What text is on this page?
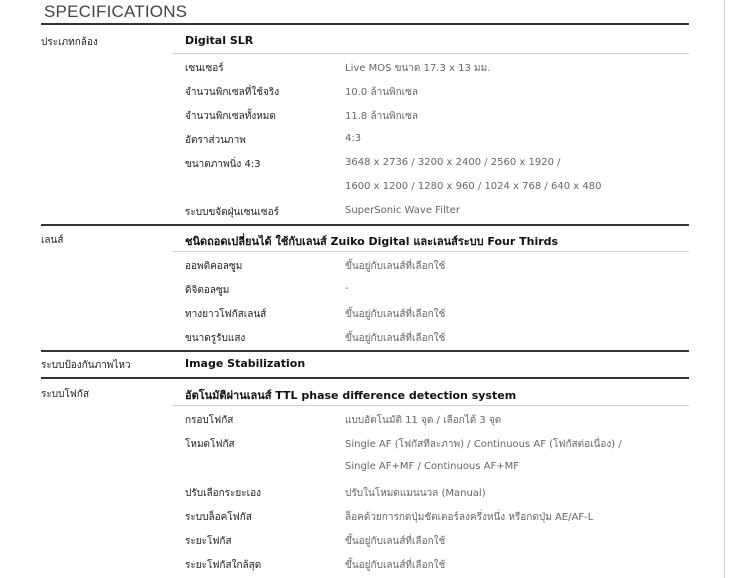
SPECIFICATIONS
ประเภทกล้อง	Digital SLR
เซนเซอร์	Live MOS ขนาด 17.3 x 13 มม.
จำนวนพิกเซลที่ใช้จริง	10.0 ล้านพิกเซล
จำนวนพิกเซลทั้งหมด	11.8 ล้านพิกเซล
อัตราส่วนภาพ	4:3
ขนาดภาพนิ่ง 4:3	3648 x 2736 / 3200 x 2400 / 2560 x 1920 /
1600 x 1200 / 1280 x 960 / 1024 x 768 / 640 x 480
ระบบขจัดฝุ่นเซนเซอร์	SuperSonic Wave Filter
เลนส์	ชนิดถอดเปลี่ยนได้ ใช้กับเลนส์ Zuiko Digital และเลนส์ระบบ Four Thirds
ออพติคอลซูม	ขึ้นอยู่กับเลนส์ที่เลือกใช้
ดิจิตอลซูม	-
ทางยาวโฟกัสเลนส์	ขึ้นอยู่กับเลนส์ที่เลือกใช้
ขนาดรูรับแสง	ขึ้นอยู่กับเลนส์ที่เลือกใช้
ระบบป้องกันภาพไหว	Image Stabilization
ระบบโฟกัส	อัตโนมัติผ่านเลนส์ TTL phase difference detection system
กรอบโฟกัส	แบบอัตโนมัติ 11 จุด / เลือกได้ 3 จุด
โหมดโฟกัส	Single AF (โฟกัสทีละภาพ) / Continuous AF (โฟกัสต่อเนื่อง) /
Single AF+MF / Continuous AF+MF
ปรับเลือกระยะเอง	ปรับในโหมดแมนนวล (Manual)
ระบบล็อคโฟกัส	ล็อคด้วยการกดปุ่มชัตเตอร์ลงครึ่งหนึ่ง หรือกดปุ่ม AE/AF-L
ระยะโฟกัส	ขึ้นอยู่กับเลนส์ที่เลือกใช้
ระยะโฟกัสใกล้สุด	ขึ้นอยู่กับเลนส์ที่เลือกใช้
